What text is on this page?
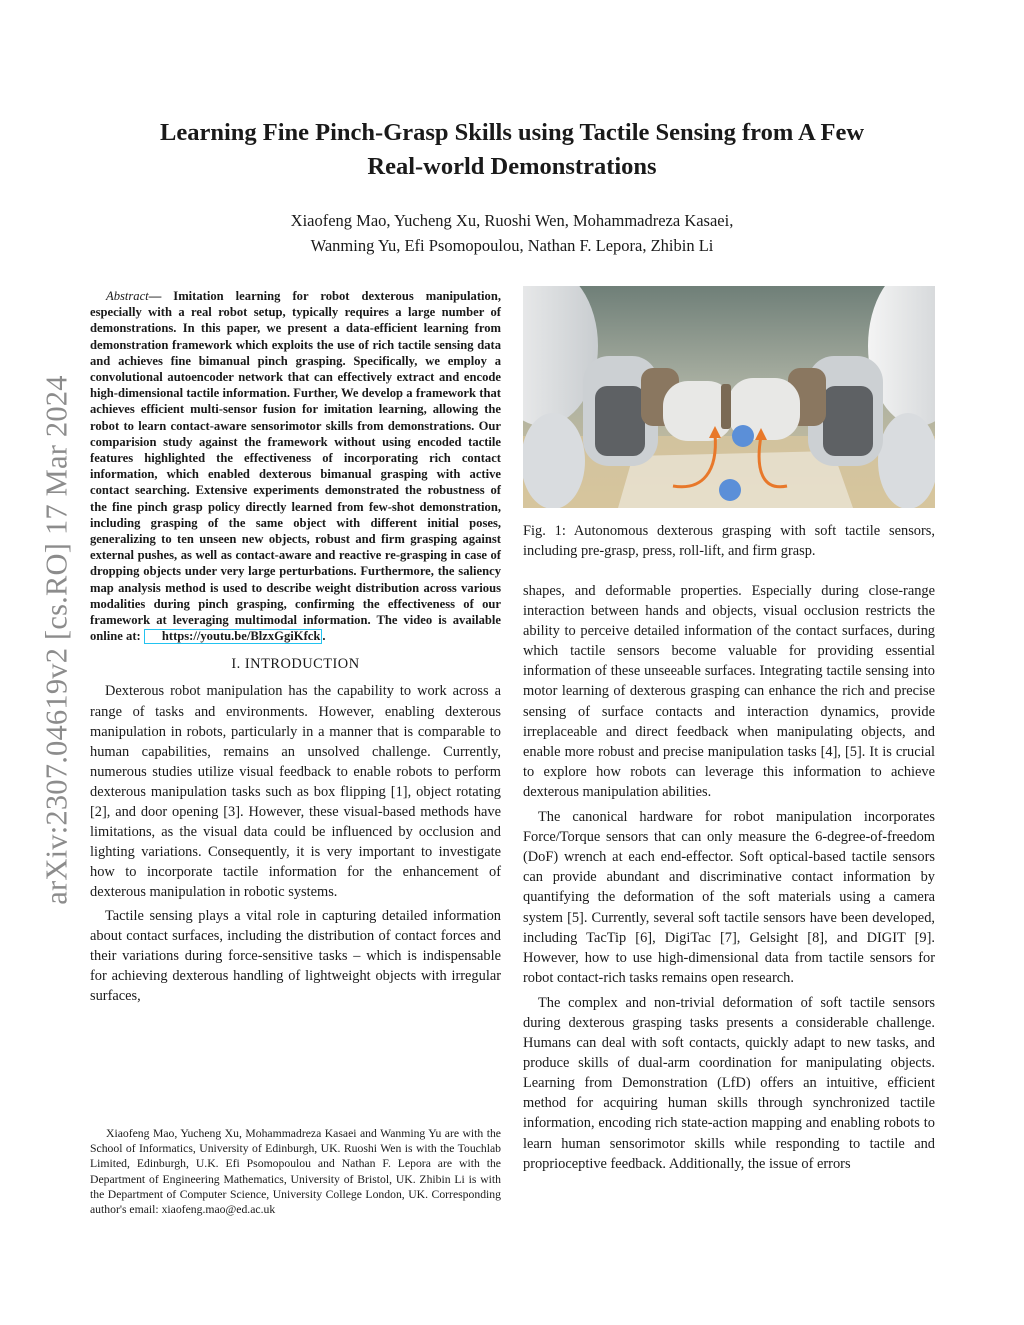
arXiv:2307.04619v2 [cs.RO] 17 Mar 2024
Learning Fine Pinch-Grasp Skills using Tactile Sensing from A Few
Real-world Demonstrations
Xiaofeng Mao, Yucheng Xu, Ruoshi Wen, Mohammadreza Kasaei,
Wanming Yu, Efi Psomopoulou, Nathan F. Lepora, Zhibin Li

Abstract— Imitation learning for robot dexterous manipulation, especially with a real robot setup, typically requires a large number of demonstrations. In this paper, we present a data-efficient learning from demonstration framework which exploits the use of rich tactile sensing data and achieves fine bimanual pinch grasping. Specifically, we employ a convolutional autoencoder network that can effectively extract and encode high-dimensional tactile information. Further, We develop a framework that achieves efficient multi-sensor fusion for imitation learning, allowing the robot to learn contact-aware sensorimotor skills from demonstrations. Our comparision study against the framework without using encoded tactile features highlighted the effectiveness of incorporating rich contact information, which enabled dexterous bimanual grasping with active contact searching. Extensive experiments demonstrated the robustness of the fine pinch grasp policy directly learned from few-shot demonstration, including grasping of the same object with different initial poses, generalizing to ten unseen new objects, robust and firm grasping against external pushes, as well as contact-aware and reactive re-grasping in case of dropping objects under very large perturbations. Furthermore, the saliency map analysis method is used to describe weight distribution across various modalities during pinch grasping, confirming the effectiveness of our framework at leveraging multimodal information. The video is available online at: https://youtu.be/BlzxGgiKfck .

I. INTRODUCTION

Dexterous robot manipulation has the capability to work across a range of tasks and environments. However, enabling dexterous manipulation in robots, particularly in a manner that is comparable to human capabilities, remains an unsolved challenge. Currently, numerous studies utilize visual feedback to enable robots to perform dexterous manipulation tasks such as box flipping [1], object rotating [2], and door opening [3]. However, these visual-based methods have limitations, as the visual data could be influenced by occlusion and lighting variations. Consequently, it is very important to investigate how to incorporate tactile information for the enhancement of dexterous manipulation in robotic systems.

Tactile sensing plays a vital role in capturing detailed information about contact surfaces, including the distribution of contact forces and their variations during force-sensitive tasks – which is indispensable for achieving dexterous handling of lightweight objects with irregular surfaces,

Xiaofeng Mao, Yucheng Xu, Mohammadreza Kasaei and Wanming Yu are with the School of Informatics, University of Edinburgh, UK. Ruoshi Wen is with the Touchlab Limited, Edinburgh, U.K. Efi Psomopoulou and Nathan F. Lepora are with the Department of Engineering Mathematics, University of Bristol, UK. Zhibin Li is with the Department of Computer Science, University College London, UK. Corresponding author's email: xiaofeng.mao@ed.ac.uk

Fig. 1: Autonomous dexterous grasping with soft tactile sensors, including pre-grasp, press, roll-lift, and firm grasp.

shapes, and deformable properties. Especially during close-range interaction between hands and objects, visual occlusion restricts the ability to perceive detailed information of the contact surfaces, during which tactile sensors become valuable for providing essential information of these unseeable surfaces. Integrating tactile sensing into motor learning of dexterous grasping can enhance the rich and precise sensing of surface contacts and interaction dynamics, provide irreplaceable and direct feedback when manipulating objects, and enable more robust and precise manipulation tasks [4], [5]. It is crucial to explore how robots can leverage this information to achieve dexterous manipulation abilities.

The canonical hardware for robot manipulation incorporates Force/Torque sensors that can only measure the 6-degree-of-freedom (DoF) wrench at each end-effector. Soft optical-based tactile sensors can provide abundant and discriminative contact information by quantifying the deformation of the soft materials using a camera system [5]. Currently, several soft tactile sensors have been developed, including TacTip [6], DigiTac [7], Gelsight [8], and DIGIT [9]. However, how to use high-dimensional data from tactile sensors for robot contact-rich tasks remains open research.

The complex and non-trivial deformation of soft tactile sensors during dexterous grasping tasks presents a considerable challenge. Humans can deal with soft contacts, quickly adapt to new tasks, and produce skills of dual-arm coordination for manipulating objects. Learning from Demonstration (LfD) offers an intuitive, efficient method for acquiring human skills through synchronized tactile information, encoding rich state-action mapping and enabling robots to learn human sensorimotor skills while responding to tactile and proprioceptive feedback. Additionally, the issue of errors
